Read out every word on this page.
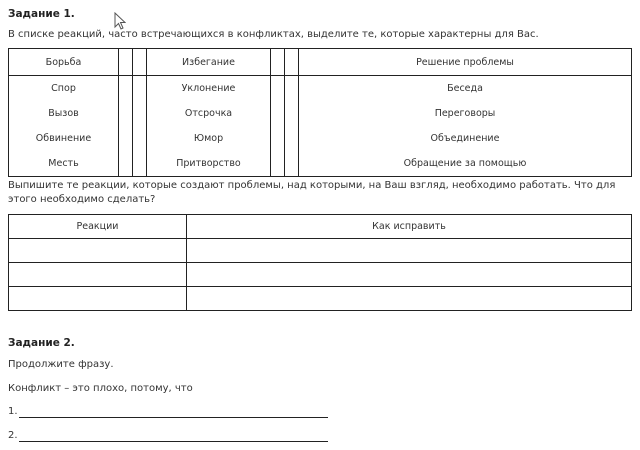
Задание 1.
В списке реакций, часто встречающихся в конфликтах, выделите те, которые характерны для Вас.
Борьба			Избегание			Решение проблемы
Спор			Уклонение			Беседа
Вызов			Отсрочка			Переговоры
Обвинение			Юмор			Объединение
Месть			Притворство			Обращение за помощью
Выпишите те реакции, которые создают проблемы, над которыми, на Ваш взгляд, необходимо работать. Что для этого необходимо сделать?
Реакции	Как исправить

Задание 2.
Продолжите фразу.
Конфликт – это плохо, потому, что
1.
2.
